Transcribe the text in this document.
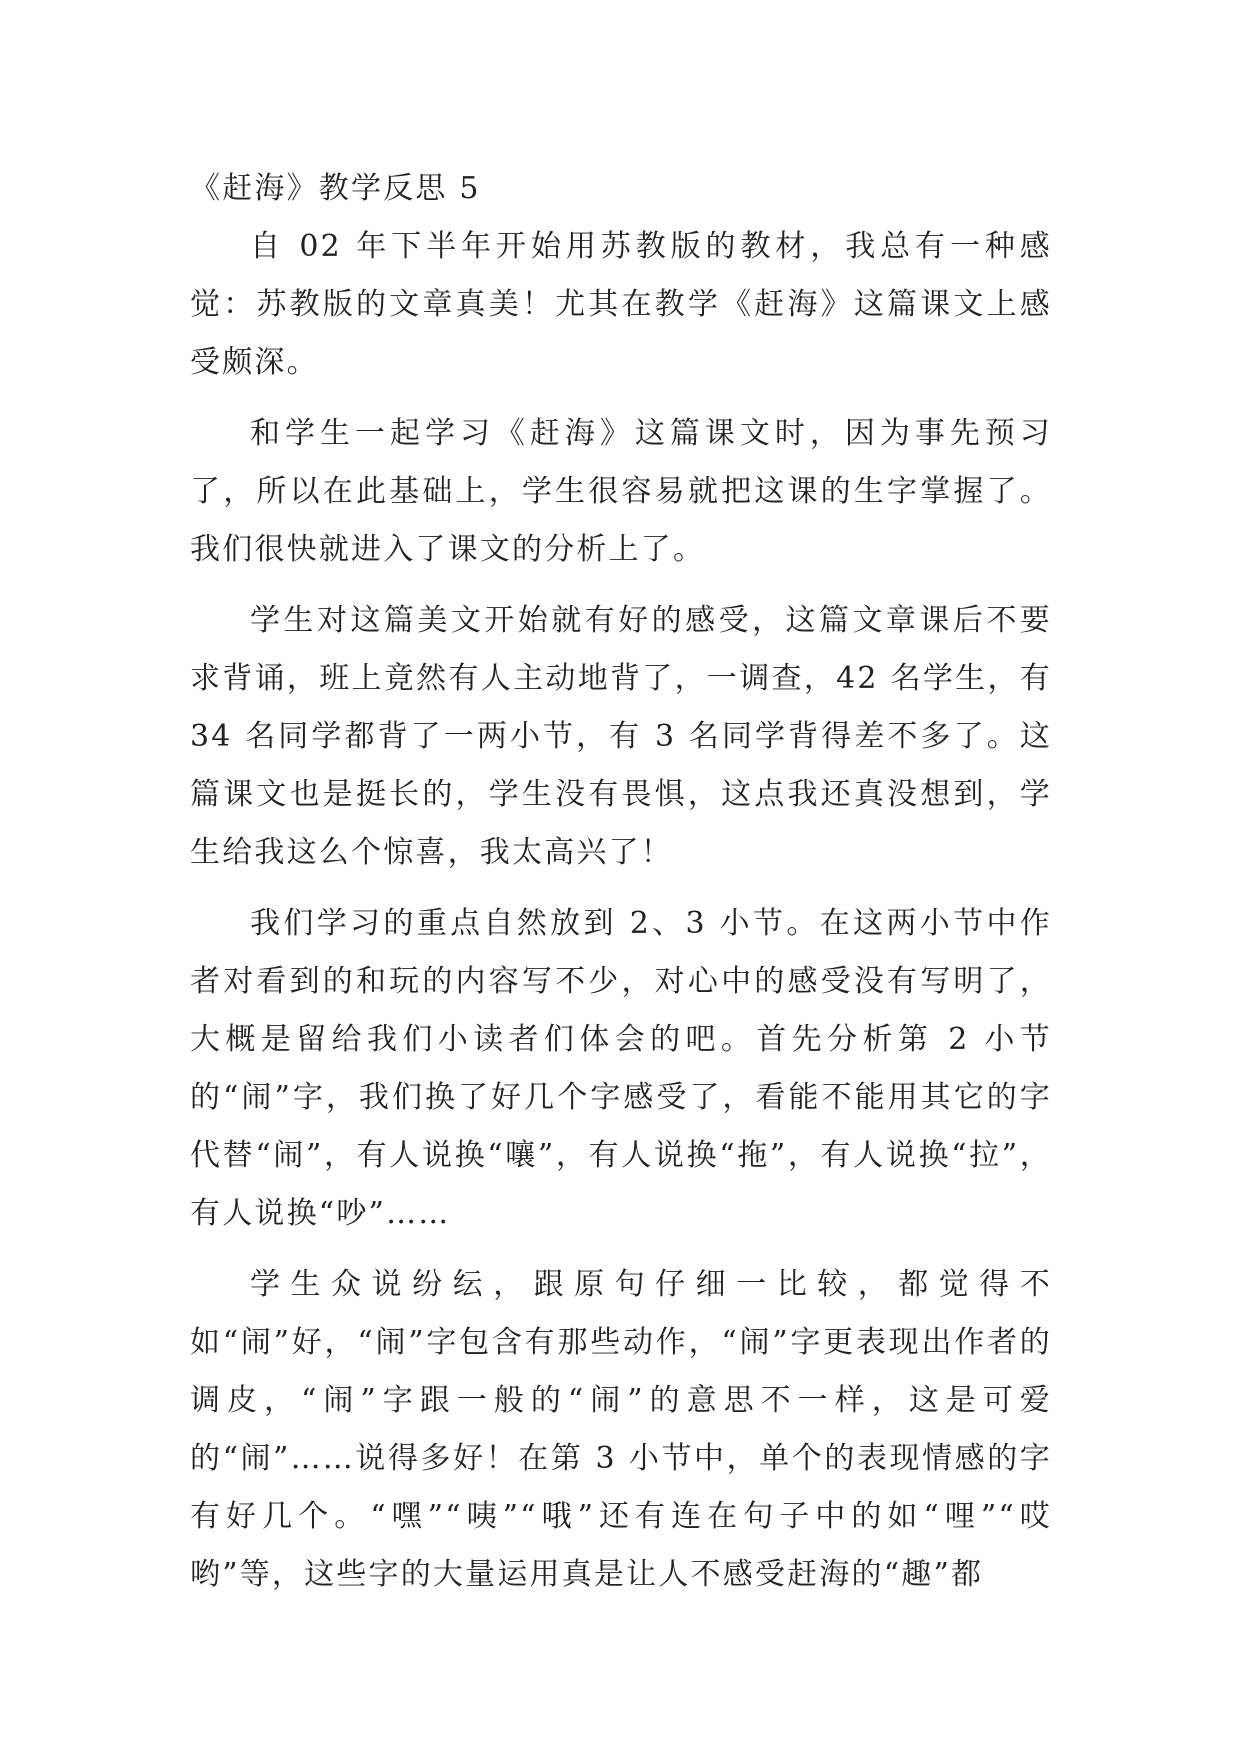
《赶海》教学反思 5

自 02 年下半年开始用苏教版的教材，我总有一种感觉：苏教版的文章真美！尤其在教学《赶海》这篇课文上感受颇深。

和学生一起学习《赶海》这篇课文时，因为事先预习了，所以在此基础上，学生很容易就把这课的生字掌握了。我们很快就进入了课文的分析上了。

学生对这篇美文开始就有好的感受，这篇文章课后不要求背诵，班上竟然有人主动地背了，一调查，42 名学生，有 34 名同学都背了一两小节，有 3 名同学背得差不多了。这篇课文也是挺长的，学生没有畏惧，这点我还真没想到，学生给我这么个惊喜，我太高兴了！

我们学习的重点自然放到 2、3 小节。在这两小节中作者对看到的和玩的内容写不少，对心中的感受没有写明了，大概是留给我们小读者们体会的吧。首先分析第 2 小节的“闹”字，我们换了好几个字感受了，看能不能用其它的字代替“闹”，有人说换“嚷”，有人说换“拖”，有人说换“拉”，有人说换“吵”……

学生众说纷纭，跟原句仔细一比较，都觉得不如“闹”好，“闹”字包含有那些动作，“闹”字更表现出作者的调皮，“闹”字跟一般的“闹”的意思不一样，这是可爱的“闹”……说得多好！在第 3 小节中，单个的表现情感的字有好几个。“嘿”“咦”“哦”还有连在句子中的如“哩”“哎哟”等，这些字的大量运用真是让人不感受赶海的“趣”都
